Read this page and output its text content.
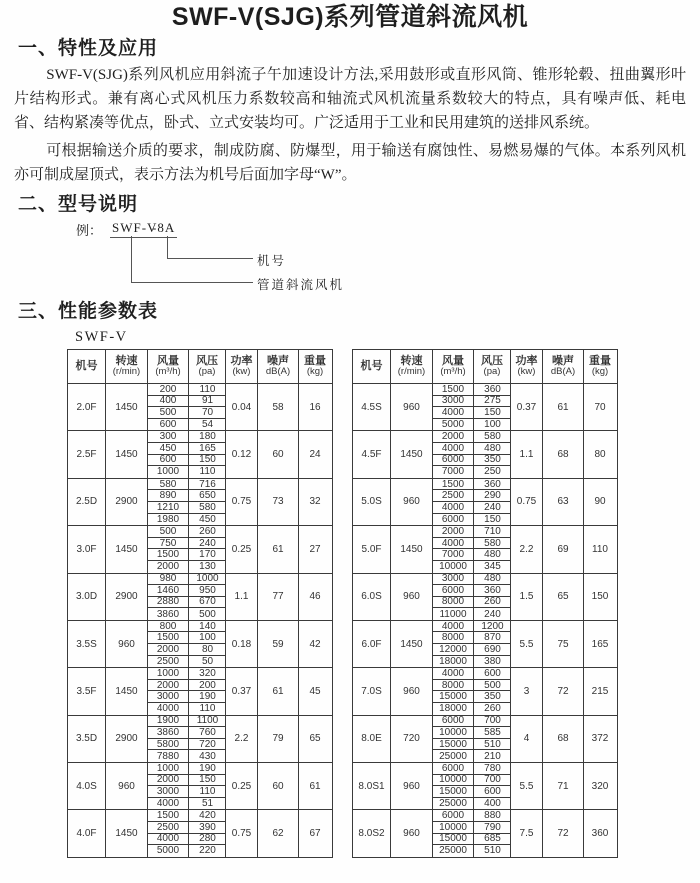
SWF-V(SJG)系列管道斜流风机
一、特性及应用

SWF-V(SJG)系列风机应用斜流子午加速设计方法,采用鼓形或直形风筒、锥形轮毂、扭曲翼形叶片结构形式。兼有离心式风机压力系数较高和轴流式风机流量系数较大的特点，具有噪声低、耗电省、结构紧凑等优点，卧式、立式安装均可。广泛适用于工业和民用建筑的送排风系统。

可根据输送介质的要求，制成防腐、防爆型，用于输送有腐蚀性、易燃易爆的气体。本系列风机亦可制成屋顶式，表示方法为机号后面加字母“W”。

二、型号说明
例： SWF-V
-8A
机号
管道斜流风机
三、性能参数表
SWF-V
机号 转速
(r/min)
风量
(m³/h)
风压
(pa)
功率
(kw)
噪声
dB(A)
重量
(kg)
2.0F	1450
200	110
400	91
500	70
600	54
0.04	58	16
2.5F	1450
300	180
450	165
600	150
1000	110
0.12	60	24
2.5D	2900
580	716
890	650
1210	580
1980	450
0.75	73	32
3.0F	1450
500	260
750	240
1500	170
2000	130
0.25	61	27
3.0D	2900
980	1000
1460	950
2880	670
3860	500
1.1	77	46
3.5S	960
800	140
1500	100
2000	80
2500	50
0.18	59	42
3.5F	1450
1000	320
2000	200
3000	190
4000	110
0.37	61	45
3.5D	2900
1900	1100
3860	760
5800	720
7880	430
2.2	79	65
4.0S	960
1000	190
2000	150
3000	110
4000	51
0.25	60	61
4.0F	1450
1500	420
2500	390
4000	280
5000	220
0.75	62	67
机号 转速
(r/min)
风量
(m³/h)
风压
(pa)
功率
(kw)
噪声
dB(A)
重量
(kg)
4.5S	960
1500	360
3000	275
4000	150
5000	100
0.37	61	70
4.5F	1450
2000	580
4000	480
6000	350
7000	250
1.1	68	80
5.0S	960
1500	360
2500	290
4000	240
6000	150
0.75	63	90
5.0F	1450
2000	710
4000	580
7000	480
10000	345
2.2	69	110
6.0S	960
3000	480
6000	360
8000	260
11000	240
1.5	65	150
6.0F	1450
4000	1200
8000	870
12000	690
18000	380
5.5	75	165
7.0S	960
4000	600
8000	500
15000	350
18000	260
3	72	215
8.0E	720
6000	700
10000	585
15000	510
25000	210
4	68	372
8.0S1	960
6000	780
10000	700
15000	600
25000	400
5.5	71	320
8.0S2	960
6000	880
10000	790
15000	685
25000	510
7.5	72	360
